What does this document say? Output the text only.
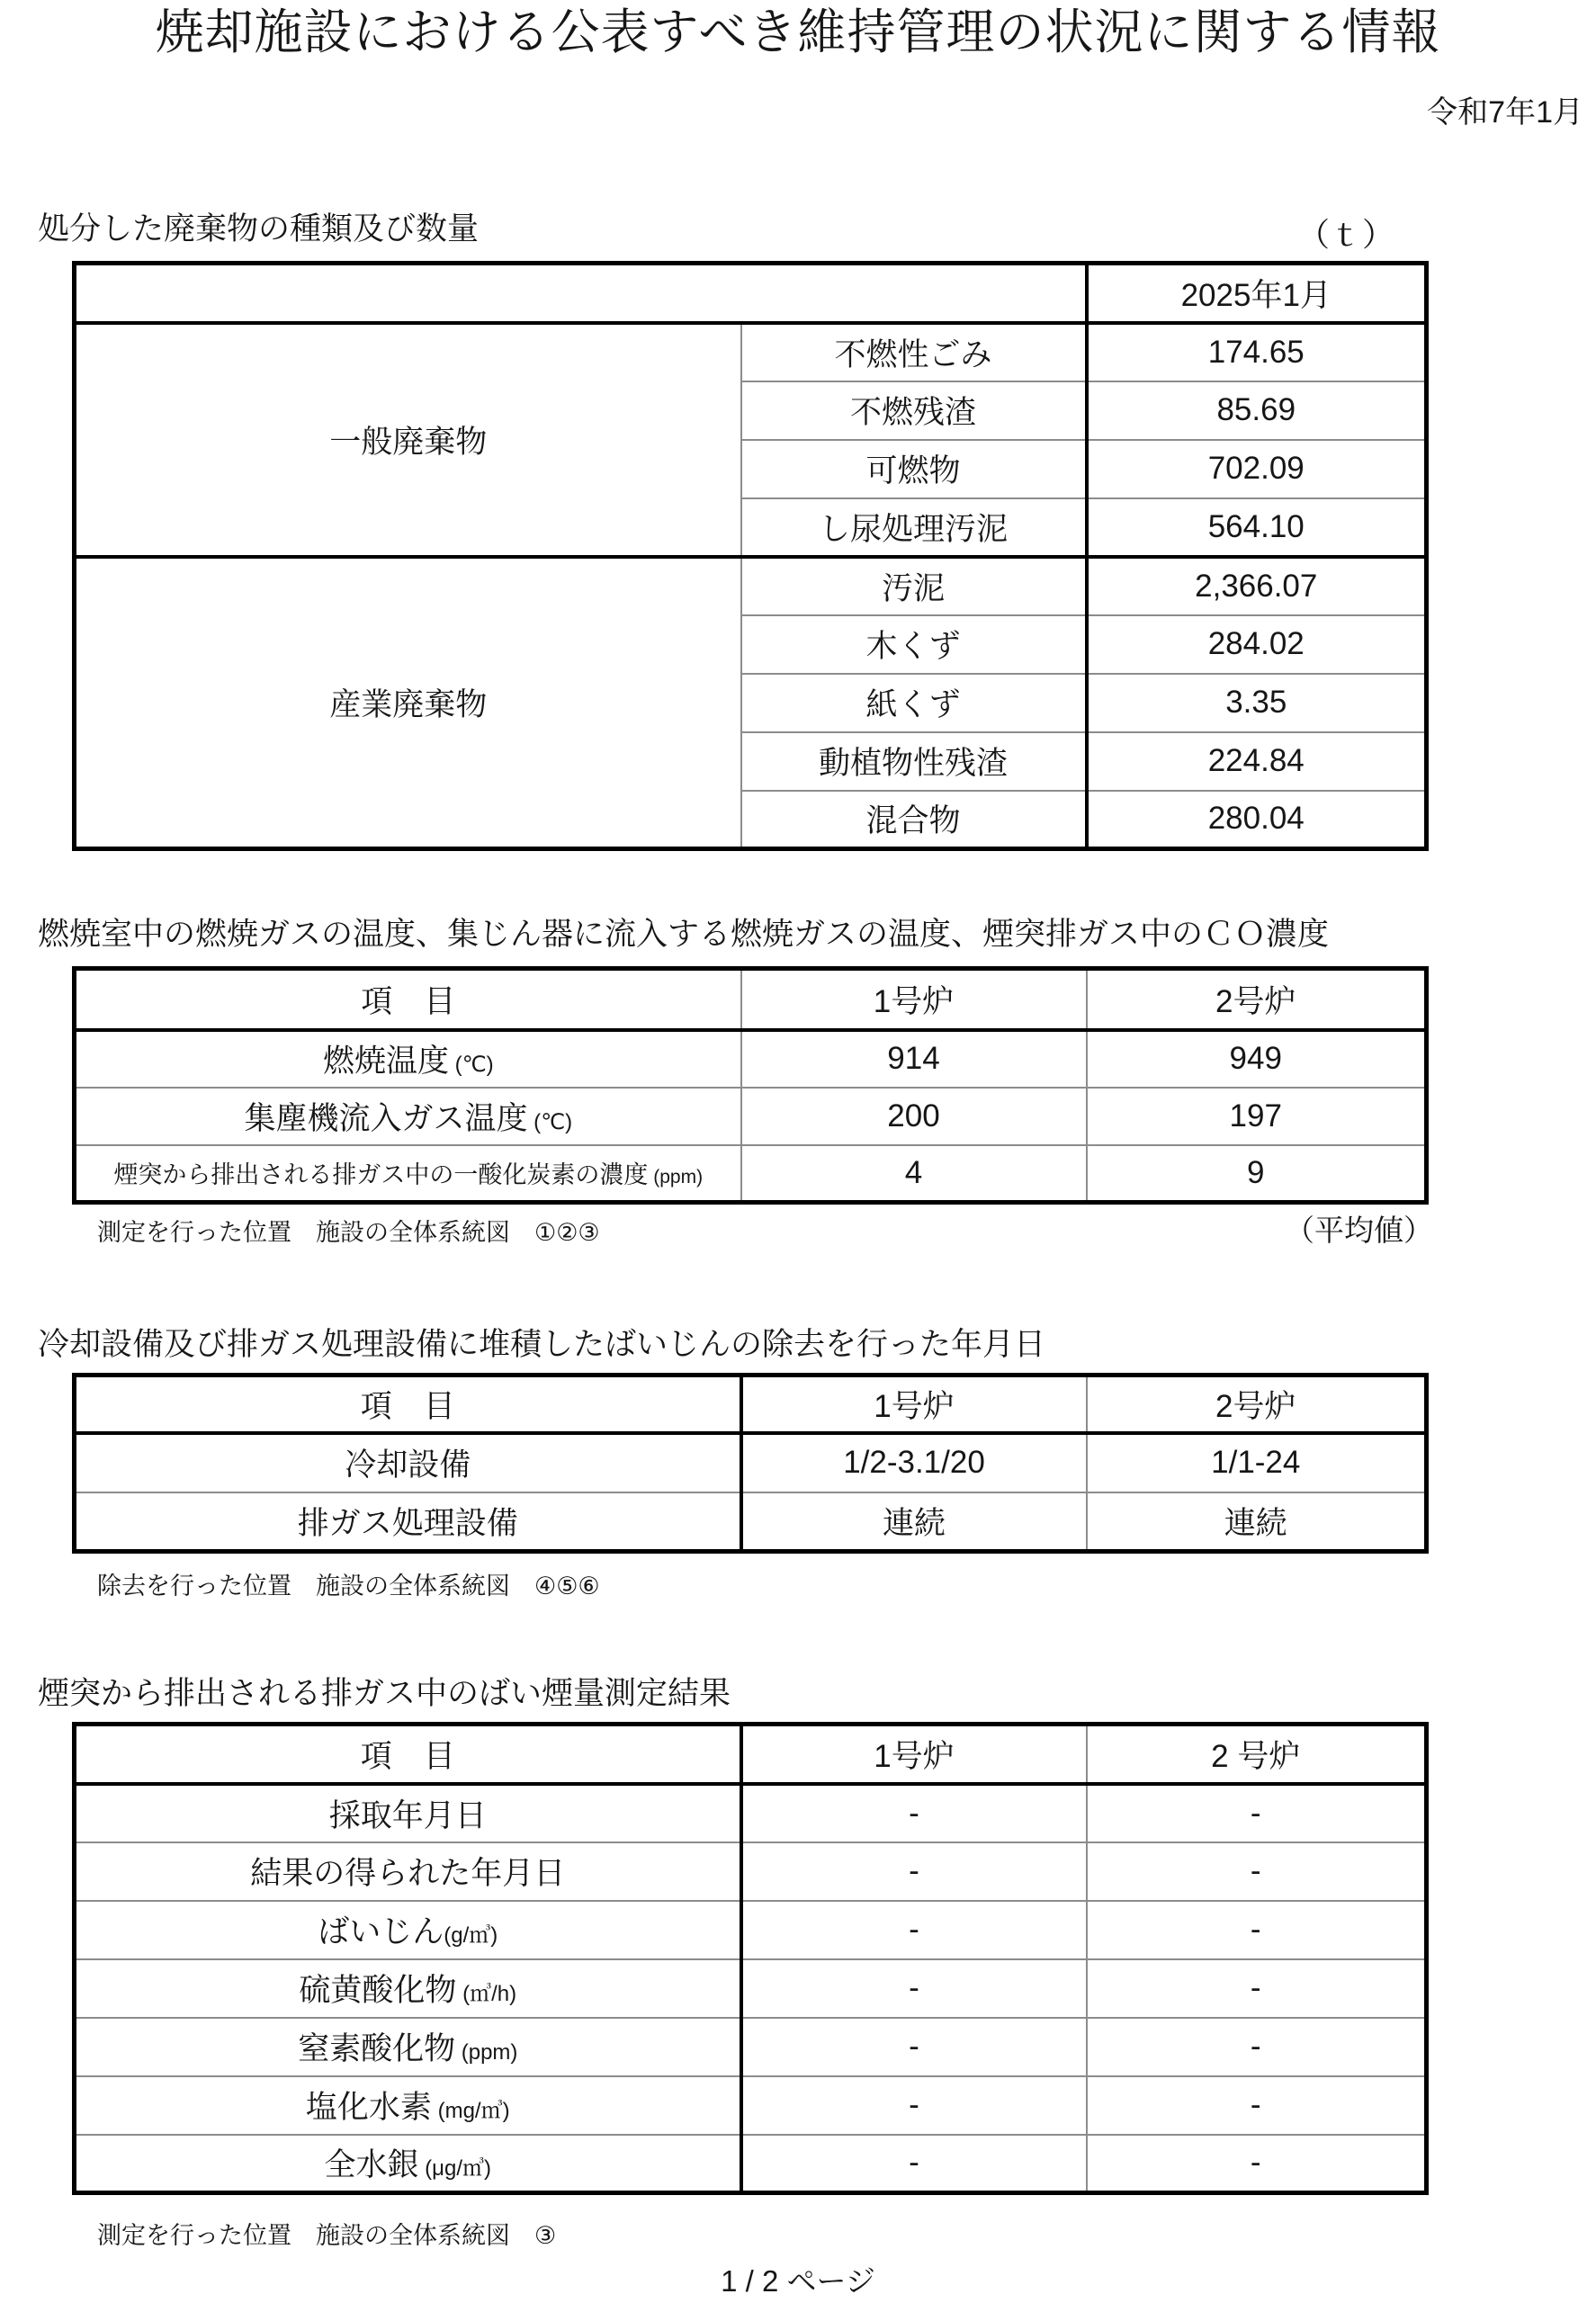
焼却施設における公表すべき維持管理の状況に関する情報
令和7年1月
処分した廃棄物の種類及び数量	（ｔ）
		2025年1月
一般廃棄物	不燃性ごみ	174.65
	不燃残渣	85.69
	可燃物	702.09
	し尿処理汚泥	564.10
産業廃棄物	汚泥	2,366.07
	木くず	284.02
	紙くず	3.35
	動植物性残渣	224.84
	混合物	280.04
燃焼室中の燃焼ガスの温度、集じん器に流入する燃焼ガスの温度、煙突排ガス中のＣＯ濃度
項　目	1号炉	2号炉
燃焼温度 (℃)	914	949
集塵機流入ガス温度 (℃)	200	197
煙突から排出される排ガス中の一酸化炭素の濃度 (ppm)	4	9
測定を行った位置　施設の全体系統図　①②③	（平均値）
冷却設備及び排ガス処理設備に堆積したばいじんの除去を行った年月日
項　目	1号炉	2号炉
冷却設備	1/2-3.1/20	1/1-24
排ガス処理設備	連続	連続
除去を行った位置　施設の全体系統図　④⑤⑥
煙突から排出される排ガス中のばい煙量測定結果
項　目	1号炉	2 号炉
採取年月日	-	-
結果の得られた年月日	-	-
ばいじん(g/㎥)	-	-
硫黄酸化物 (㎥/h)	-	-
窒素酸化物 (ppm)	-	-
塩化水素 (mg/㎥)	-	-
全水銀 (μg/㎥)	-	-
測定を行った位置　施設の全体系統図　③
1 / 2 ページ
